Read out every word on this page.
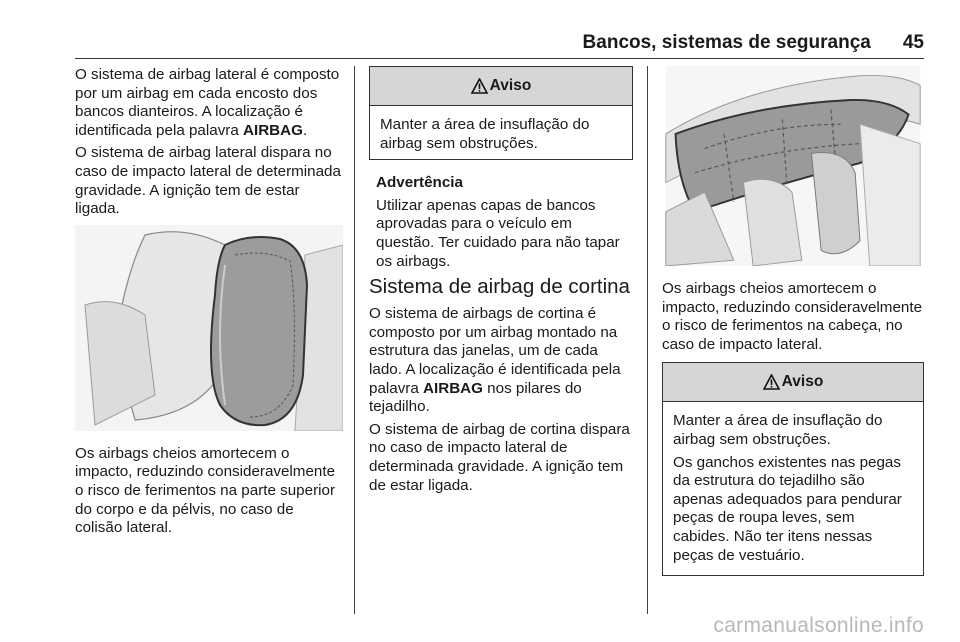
Bancos, sistemas de segurança 45

O sistema de airbag lateral é composto por um airbag em cada encosto dos bancos dianteiros. A localização é identificada pela palavra AIRBAG.

O sistema de airbag lateral dispara no caso de impacto lateral de determinada gravidade. A ignição tem de estar ligada.

Os airbags cheios amortecem o impacto, reduzindo consideravelmente o risco de ferimentos na parte superior do corpo e da pélvis, no caso de colisão lateral.

Aviso
Manter a área de insuflação do airbag sem obstruções.

Advertência

Utilizar apenas capas de bancos aprovadas para o veículo em questão. Ter cuidado para não tapar os airbags.

Sistema de airbag de cortina

O sistema de airbags de cortina é composto por um airbag montado na estrutura das janelas, um de cada lado. A localização é identificada pela palavra AIRBAG nos pilares do tejadilho.

O sistema de airbag de cortina dispara no caso de impacto lateral de determinada gravidade. A ignição tem de estar ligada.

Os airbags cheios amortecem o impacto, reduzindo consideravelmente o risco de ferimentos na cabeça, no caso de impacto lateral.

Aviso

Manter a área de insuflação do airbag sem obstruções.

Os ganchos existentes nas pegas da estrutura do tejadilho são apenas adequados para pendurar peças de roupa leves, sem cabides. Não ter itens nessas peças de vestuário.

carmanualsonline.info
